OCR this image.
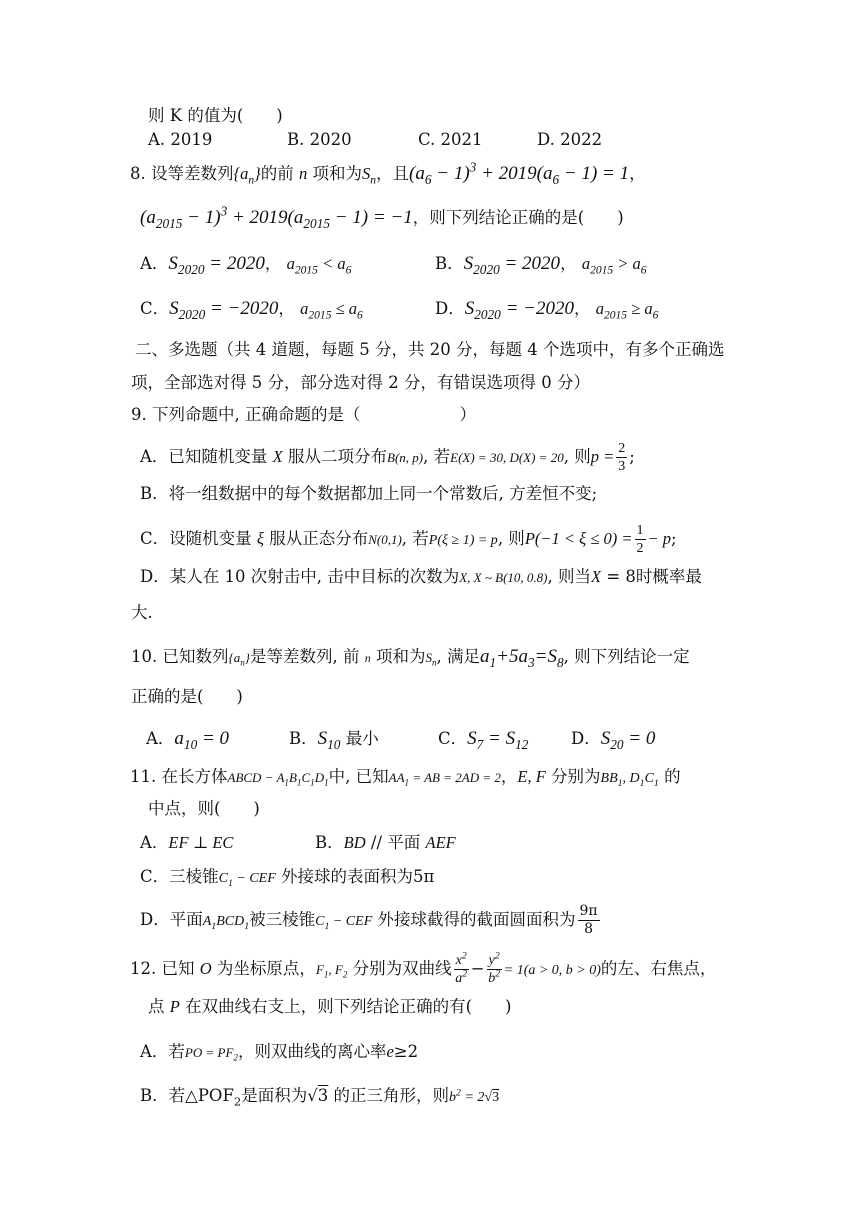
则 K 的值为(　　)
A. 2019	B. 2020	C. 2021	D. 2022
8. 设等差数列$\{a_n\}$的前 n 项和为$S_n$，且$(a_6 - 1)^3 + 2019(a_6 - 1) = 1$，
$(a_{2015} - 1)^3 + 2019(a_{2015} - 1) = -1$，则下列结论正确的是(　　)
A．$S_{2020} = 2020$， $a_{2015} < a_6$	B．$S_{2020} = 2020$， $a_{2015} > a_6$
C．$S_{2020} = -2020$， $a_{2015} \le a_6$	D．$S_{2020} = -2020$， $a_{2015} \ge a_6$
二、多选题（共 4 道题，每题 5 分，共 20 分，每题 4 个选项中，有多个正确选
项，全部选对得 5 分，部分选对得 2 分，有错误选项得 0 分）
9. 下列命题中, 正确命题的是（　　　　　　）
A．已知随机变量 X 服从二项分布B(n, p), 若E(X) = 30, D(X) = 20, 则$p = \frac{2}{3}$ ;
B．将一组数据中的每个数据都加上同一个常数后, 方差恒不变;
C．设随机变量 ξ 服从正态分布N(0,1), 若P(ξ ≥ 1) = p, 则$P(-1 < \xi \le 0) = \frac{1}{2} - p$;
D．某人在 10 次射击中, 击中目标的次数为X, X ~ B(10, 0.8), 则当X = 8时概率最
大.
10. 已知数列$\{a_n\}$是等差数列, 前 n 项和为$S_n$, 满足$a_1+5a_3=S_8$, 则下列结论一定
正确的是(　　)
A．$a_{10} = 0$	B．$S_{10}$ 最小	C．$S_7 = S_{12}$	D．$S_{20} = 0$
11. 在长方体ABCD − $A_1B_1C_1D_1$中, 已知$AA_1$ = AB = 2AD = 2，E, F 分别为$BB_1$, $D_1C_1$ 的
中点，则(　　)
A．EF ⊥ EC	B．BD // 平面 AEF
C．三棱锥$C_1$ − CEF 外接球的表面积为5π
D．平面$A_1BCD_1$被三棱锥$C_1$ − CEF 外接球截得的截面圆面积为 $\frac{9\pi}{8}$
12. 已知 O 为坐标原点，$F_1$, $F_2$ 分别为双曲线 $\frac{x^2}{a^2} - \frac{y^2}{b^2} = 1(a > 0$, b > 0)的左、右焦点，
点 P 在双曲线右支上，则下列结论正确的有(　　)
A．若PO = $PF_2$，则双曲线的离心率e≥2
B．若$\triangle POF_2$是面积为√3 的正三角形，则$b^2 = 2√3$
